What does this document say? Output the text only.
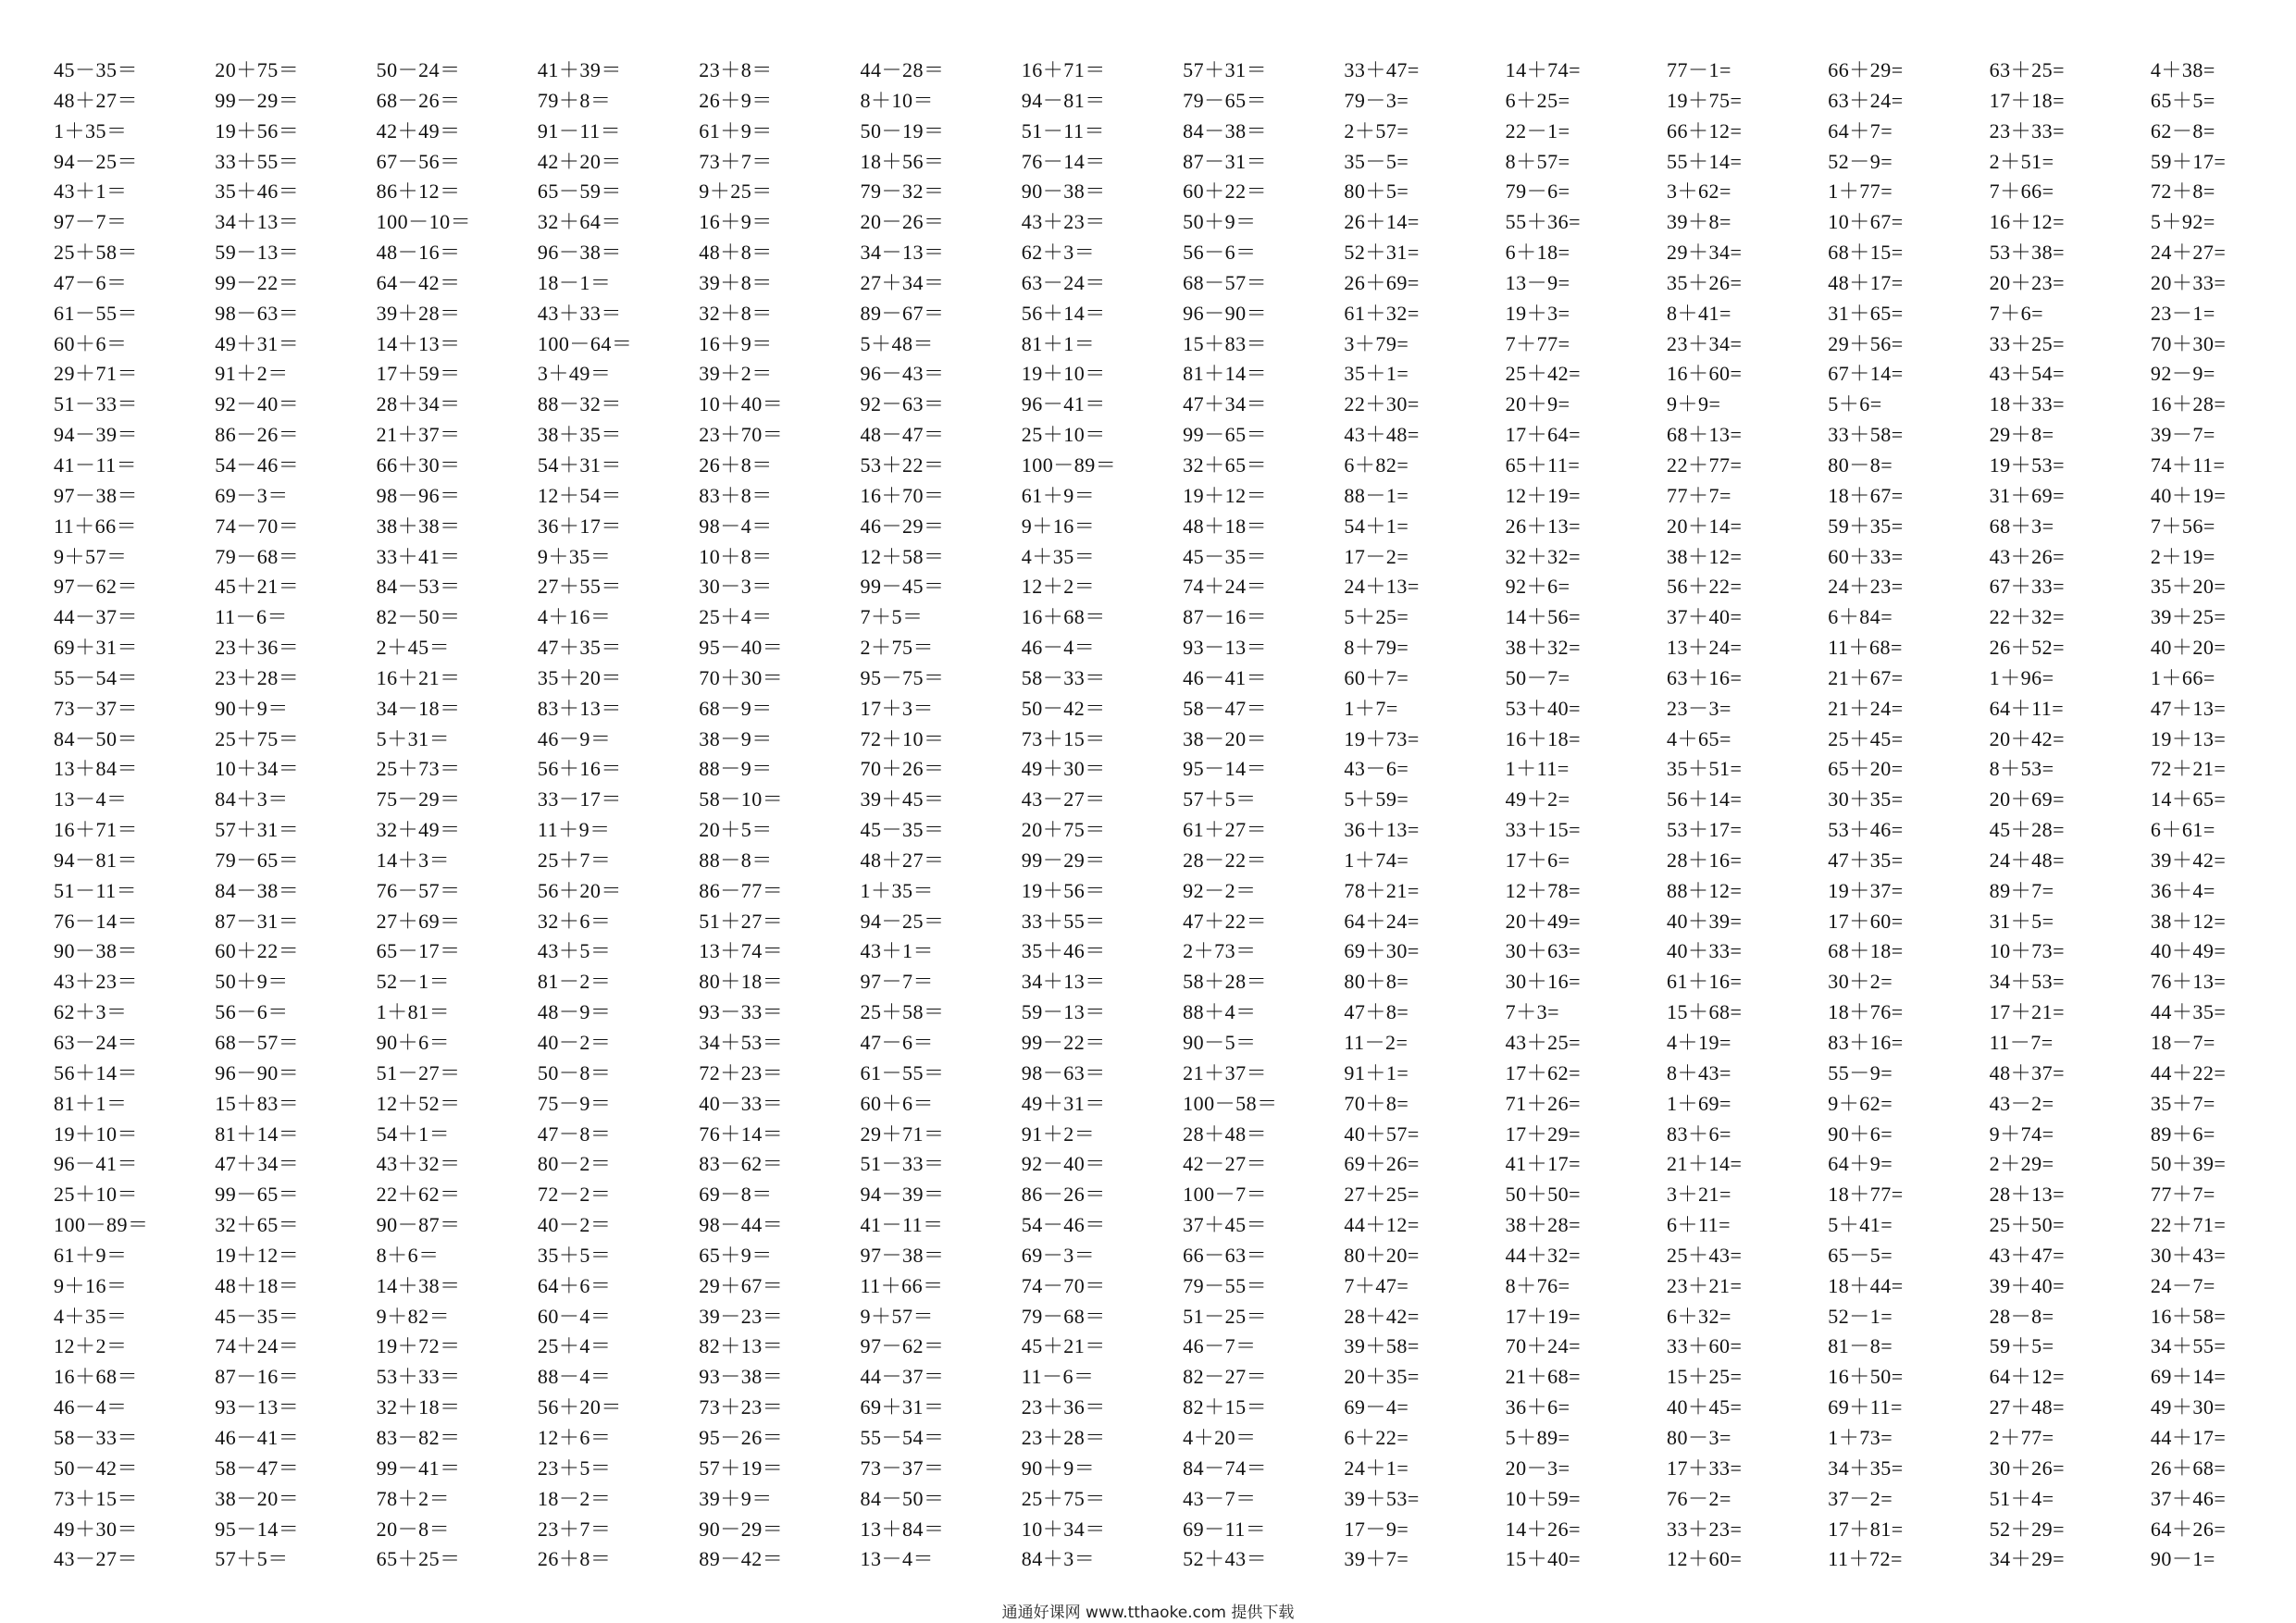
45－35＝	20＋75＝	50－24＝	41＋39＝	23＋8＝	44－28＝	16＋71＝	57＋31＝	33＋47=	14＋74=	77－1=	66＋29=	63＋25=	4＋38=
48＋27＝	99－29＝	68－26＝	79＋8＝	26＋9＝	8＋10＝	94－81＝	79－65＝	79－3=	6＋25=	19＋75=	63＋24=	17＋18=	65＋5=
1＋35＝	19＋56＝	42＋49＝	91－11＝	61＋9＝	50－19＝	51－11＝	84－38＝	2＋57=	22－1=	66＋12=	64＋7=	23＋33=	62－8=
94－25＝	33＋55＝	67－56＝	42＋20＝	73＋7＝	18＋56＝	76－14＝	87－31＝	35－5=	8＋57=	55＋14=	52－9=	2＋51=	59＋17=
43＋1＝	35＋46＝	86＋12＝	65－59＝	9＋25＝	79－32＝	90－38＝	60＋22＝	80＋5=	79－6=	3＋62=	1＋77=	7＋66=	72＋8=
97－7＝	34＋13＝	100－10＝	32＋64＝	16＋9＝	20－26＝	43＋23＝	50＋9＝	26＋14=	55＋36=	39＋8=	10＋67=	16＋12=	5＋92=
25＋58＝	59－13＝	48－16＝	96－38＝	48＋8＝	34－13＝	62＋3＝	56－6＝	52＋31=	6＋18=	29＋34=	68＋15=	53＋38=	24＋27=
47－6＝	99－22＝	64－42＝	18－1＝	39＋8＝	27＋34＝	63－24＝	68－57＝	26＋69=	13－9=	35＋26=	48＋17=	20＋23=	20＋33=
61－55＝	98－63＝	39＋28＝	43＋33＝	32＋8＝	89－67＝	56＋14＝	96－90＝	61＋32=	19＋3=	8＋41=	31＋65=	7＋6=	23－1=
60＋6＝	49＋31＝	14＋13＝	100－64＝	16＋9＝	5＋48＝	81＋1＝	15＋83＝	3＋79=	7＋77=	23＋34=	29＋56=	33＋25=	70＋30=
29＋71＝	91＋2＝	17＋59＝	3＋49＝	39＋2＝	96－43＝	19＋10＝	81＋14＝	35＋1=	25＋42=	16＋60=	67＋14=	43＋54=	92－9=
51－33＝	92－40＝	28＋34＝	88－32＝	10＋40＝	92－63＝	96－41＝	47＋34＝	22＋30=	20＋9=	9＋9=	5＋6=	18＋33=	16＋28=
94－39＝	86－26＝	21＋37＝	38＋35＝	23＋70＝	48－47＝	25＋10＝	99－65＝	43＋48=	17＋64=	68＋13=	33＋58=	29＋8=	39－7=
41－11＝	54－46＝	66＋30＝	54＋31＝	26＋8＝	53＋22＝	100－89＝	32＋65＝	6＋82=	65＋11=	22＋77=	80－8=	19＋53=	74＋11=
97－38＝	69－3＝	98－96＝	12＋54＝	83＋8＝	16＋70＝	61＋9＝	19＋12＝	88－1=	12＋19=	77＋7=	18＋67=	31＋69=	40＋19=
11＋66＝	74－70＝	38＋38＝	36＋17＝	98－4＝	46－29＝	9＋16＝	48＋18＝	54＋1=	26＋13=	20＋14=	59＋35=	68＋3=	7＋56=
9＋57＝	79－68＝	33＋41＝	9＋35＝	10＋8＝	12＋58＝	4＋35＝	45－35＝	17－2=	32＋32=	38＋12=	60＋33=	43＋26=	2＋19=
97－62＝	45＋21＝	84－53＝	27＋55＝	30－3＝	99－45＝	12＋2＝	74＋24＝	24＋13=	92＋6=	56＋22=	24＋23=	67＋33=	35＋20=
44－37＝	11－6＝	82－50＝	4＋16＝	25＋4＝	7＋5＝	16＋68＝	87－16＝	5＋25=	14＋56=	37＋40=	6＋84=	22＋32=	39＋25=
69＋31＝	23＋36＝	2＋45＝	47＋35＝	95－40＝	2＋75＝	46－4＝	93－13＝	8＋79=	38＋32=	13＋24=	11＋68=	26＋52=	40＋20=
55－54＝	23＋28＝	16＋21＝	35＋20＝	70＋30＝	95－75＝	58－33＝	46－41＝	60＋7=	50－7=	63＋16=	21＋67=	1＋96=	1＋66=
73－37＝	90＋9＝	34－18＝	83＋13＝	68－9＝	17＋3＝	50－42＝	58－47＝	1＋7=	53＋40=	23－3=	21＋24=	64＋11=	47＋13=
84－50＝	25＋75＝	5＋31＝	46－9＝	38－9＝	72＋10＝	73＋15＝	38－20＝	19＋73=	16＋18=	4＋65=	25＋45=	20＋42=	19＋13=
13＋84＝	10＋34＝	25＋73＝	56＋16＝	88－9＝	70＋26＝	49＋30＝	95－14＝	43－6=	1＋11=	35＋51=	65＋20=	8＋53=	72＋21=
13－4＝	84＋3＝	75－29＝	33－17＝	58－10＝	39＋45＝	43－27＝	57＋5＝	5＋59=	49＋2=	56＋14=	30＋35=	20＋69=	14＋65=
16＋71＝	57＋31＝	32＋49＝	11＋9＝	20＋5＝	45－35＝	20＋75＝	61＋27＝	36＋13=	33＋15=	53＋17=	53＋46=	45＋28=	6＋61=
94－81＝	79－65＝	14＋3＝	25＋7＝	88－8＝	48＋27＝	99－29＝	28－22＝	1＋74=	17＋6=	28＋16=	47＋35=	24＋48=	39＋42=
51－11＝	84－38＝	76－57＝	56＋20＝	86－77＝	1＋35＝	19＋56＝	92－2＝	78＋21=	12＋78=	88＋12=	19＋37=	89＋7=	36＋4=
76－14＝	87－31＝	27＋69＝	32＋6＝	51＋27＝	94－25＝	33＋55＝	47＋22＝	64＋24=	20＋49=	40＋39=	17＋60=	31＋5=	38＋12=
90－38＝	60＋22＝	65－17＝	43＋5＝	13＋74＝	43＋1＝	35＋46＝	2＋73＝	69＋30=	30＋63=	40＋33=	68＋18=	10＋73=	40＋49=
43＋23＝	50＋9＝	52－1＝	81－2＝	80＋18＝	97－7＝	34＋13＝	58＋28＝	80＋8=	30＋16=	61＋16=	30＋2=	34＋53=	76＋13=
62＋3＝	56－6＝	1＋81＝	48－9＝	93－33＝	25＋58＝	59－13＝	88＋4＝	47＋8=	7＋3=	15＋68=	18＋76=	17＋21=	44＋35=
63－24＝	68－57＝	90＋6＝	40－2＝	34＋53＝	47－6＝	99－22＝	90－5＝	11－2=	43＋25=	4＋19=	83＋16=	11－7=	18－7=
56＋14＝	96－90＝	51－27＝	50－8＝	72＋23＝	61－55＝	98－63＝	21＋37＝	91＋1=	17＋62=	8＋43=	55－9=	48＋37=	44＋22=
81＋1＝	15＋83＝	12＋52＝	75－9＝	40－33＝	60＋6＝	49＋31＝	100－58＝	70＋8=	71＋26=	1＋69=	9＋62=	43－2=	35＋7=
19＋10＝	81＋14＝	54＋1＝	47－8＝	76＋14＝	29＋71＝	91＋2＝	28＋48＝	40＋57=	17＋29=	83＋6=	90＋6=	9＋74=	89＋6=
96－41＝	47＋34＝	43＋32＝	80－2＝	83－62＝	51－33＝	92－40＝	42－27＝	69＋26=	41＋17=	21＋14=	64＋9=	2＋29=	50＋39=
25＋10＝	99－65＝	22＋62＝	72－2＝	69－8＝	94－39＝	86－26＝	100－7＝	27＋25=	50＋50=	3＋21=	18＋77=	28＋13=	77＋7=
100－89＝	32＋65＝	90－87＝	40－2＝	98－44＝	41－11＝	54－46＝	37＋45＝	44＋12=	38＋28=	6＋11=	5＋41=	25＋50=	22＋71=
61＋9＝	19＋12＝	8＋6＝	35＋5＝	65＋9＝	97－38＝	69－3＝	66－63＝	80＋20=	44＋32=	25＋43=	65－5=	43＋47=	30＋43=
9＋16＝	48＋18＝	14＋38＝	64＋6＝	29＋67＝	11＋66＝	74－70＝	79－55＝	7＋47=	8＋76=	23＋21=	18＋44=	39＋40=	24－7=
4＋35＝	45－35＝	9＋82＝	60－4＝	39－23＝	9＋57＝	79－68＝	51－25＝	28＋42=	17＋19=	6＋32=	52－1=	28－8=	16＋58=
12＋2＝	74＋24＝	19＋72＝	25＋4＝	82＋13＝	97－62＝	45＋21＝	46－7＝	39＋58=	70＋24=	33＋60=	81－8=	59＋5=	34＋55=
16＋68＝	87－16＝	53＋33＝	88－4＝	93－38＝	44－37＝	11－6＝	82－27＝	20＋35=	21＋68=	15＋25=	16＋50=	64＋12=	69＋14=
46－4＝	93－13＝	32＋18＝	56＋20＝	73＋23＝	69＋31＝	23＋36＝	82＋15＝	69－4=	36＋6=	40＋45=	69＋11=	27＋48=	49＋30=
58－33＝	46－41＝	83－82＝	12＋6＝	95－26＝	55－54＝	23＋28＝	4＋20＝	6＋22=	5＋89=	80－3=	1＋73=	2＋77=	44＋17=
50－42＝	58－47＝	99－41＝	23＋5＝	57＋19＝	73－37＝	90＋9＝	84－74＝	24＋1=	20－3=	17＋33=	34＋35=	30＋26=	26＋68=
73＋15＝	38－20＝	78＋2＝	18－2＝	39＋9＝	84－50＝	25＋75＝	43－7＝	39＋53=	10＋59=	76－2=	37－2=	51＋4=	37＋46=
49＋30＝	95－14＝	20－8＝	23＋7＝	90－29＝	13＋84＝	10＋34＝	69－11＝	17－9=	14＋26=	33＋23=	17＋81=	52＋29=	64＋26=
43－27＝	57＋5＝	65＋25＝	26＋8＝	89－42＝	13－4＝	84＋3＝	52＋43＝	39＋7=	15＋40=	12＋60=	11＋72=	34＋29=	90－1=
通通好课网 www.tthaoke.com 提供下载
